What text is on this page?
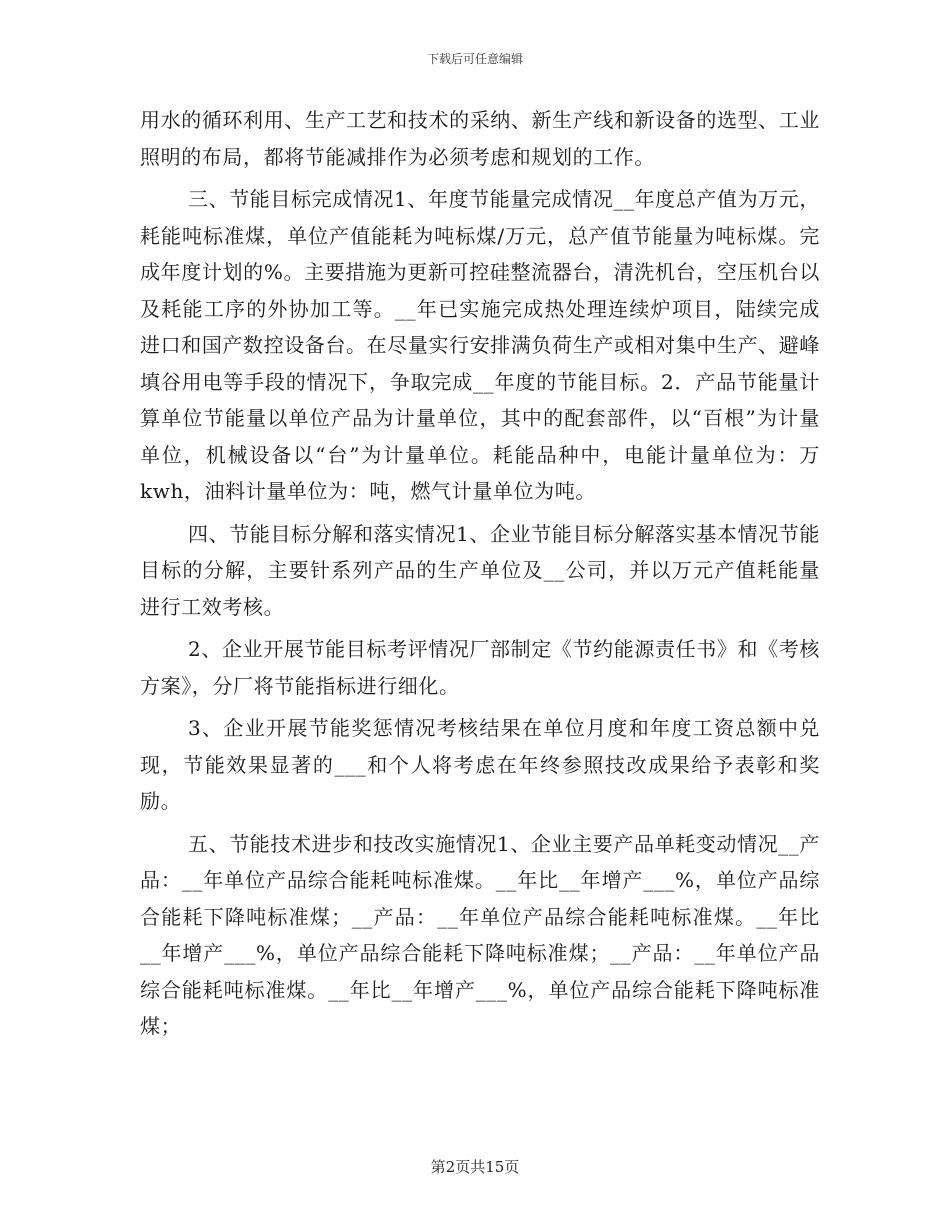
下载后可任意编辑

用水的循环利用、生产工艺和技术的采纳、新生产线和新设备的选型、工业照明的布局，都将节能减排作为必须考虑和规划的工作。

三、节能目标完成情况1、年度节能量完成情况__年度总产值为万元，耗能吨标准煤，单位产值能耗为吨标煤/万元，总产值节能量为吨标煤。完成年度计划的%。主要措施为更新可控硅整流器台，清洗机台，空压机台以及耗能工序的外协加工等。__年已实施完成热处理连续炉项目，陆续完成进口和国产数控设备台。在尽量实行安排满负荷生产或相对集中生产、避峰填谷用电等手段的情况下，争取完成__年度的节能目标。2．产品节能量计算单位节能量以单位产品为计量单位，其中的配套部件，以“百根”为计量单位，机械设备以“台”为计量单位。耗能品种中，电能计量单位为：万kwh，油料计量单位为：吨，燃气计量单位为吨。

四、节能目标分解和落实情况1、企业节能目标分解落实基本情况节能目标的分解，主要针系列产品的生产单位及__公司，并以万元产值耗能量进行工效考核。

2、企业开展节能目标考评情况厂部制定《节约能源责任书》和《考核方案》，分厂将节能指标进行细化。

3、企业开展节能奖惩情况考核结果在单位月度和年度工资总额中兑现，节能效果显著的___和个人将考虑在年终参照技改成果给予表彰和奖励。

五、节能技术进步和技改实施情况1、企业主要产品单耗变动情况__产品：__年单位产品综合能耗吨标准煤。__年比__年增产___%，单位产品综合能耗下降吨标准煤；__产品：__年单位产品综合能耗吨标准煤。__年比__年增产___%，单位产品综合能耗下降吨标准煤；__产品：__年单位产品综合能耗吨标准煤。__年比__年增产___%，单位产品综合能耗下降吨标准煤；

第2页共15页
